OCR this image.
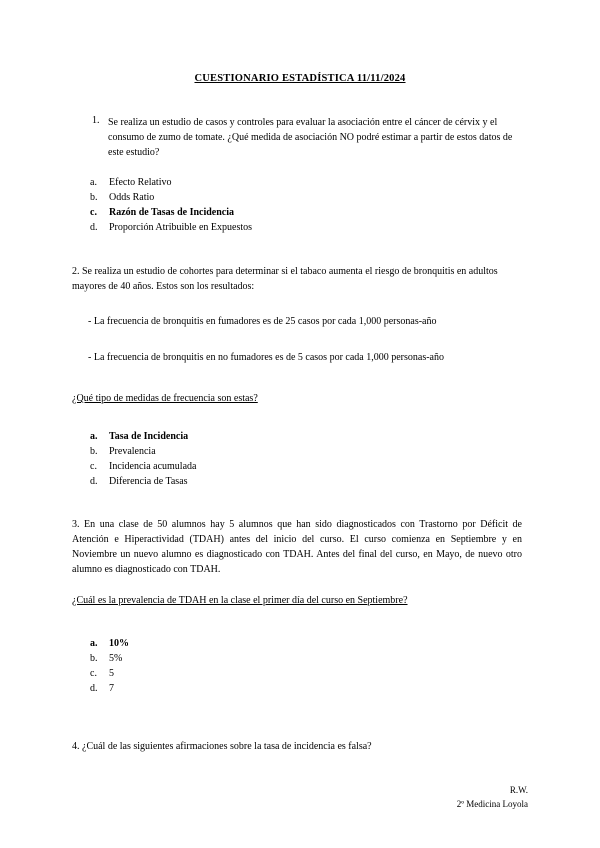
CUESTIONARIO ESTADÍSTICA 11/11/2024
1. Se realiza un estudio de casos y controles para evaluar la asociación entre el cáncer de cérvix y el consumo de zumo de tomate. ¿Qué medida de asociación NO podré estimar a partir de estos datos de este estudio?
a. Efecto Relativo
b. Odds Ratio
c. Razón de Tasas de Incidencia
d. Proporción Atribuible en Expuestos
2. Se realiza un estudio de cohortes para determinar si el tabaco aumenta el riesgo de bronquitis en adultos mayores de 40 años. Estos son los resultados:
- La frecuencia de bronquitis en fumadores es de 25 casos por cada 1,000 personas-año
- La frecuencia de bronquitis en no fumadores es de 5 casos por cada 1,000 personas-año
¿Qué tipo de medidas de frecuencia son estas?
a. Tasa de Incidencia
b. Prevalencia
c. Incidencia acumulada
d. Diferencia de Tasas
3. En una clase de 50 alumnos hay 5 alumnos que han sido diagnosticados con Trastorno por Déficit de Atención e Hiperactividad (TDAH) antes del inicio del curso. El curso comienza en Septiembre y en Noviembre un nuevo alumno es diagnosticado con TDAH. Antes del final del curso, en Mayo, de nuevo otro alumno es diagnosticado con TDAH.
¿Cuál es la prevalencia de TDAH en la clase el primer día del curso en Septiembre?
a. 10%
b. 5%
c. 5
d. 7
4. ¿Cuál de las siguientes afirmaciones sobre la tasa de incidencia es falsa?
R.W.
2º Medicina Loyola
